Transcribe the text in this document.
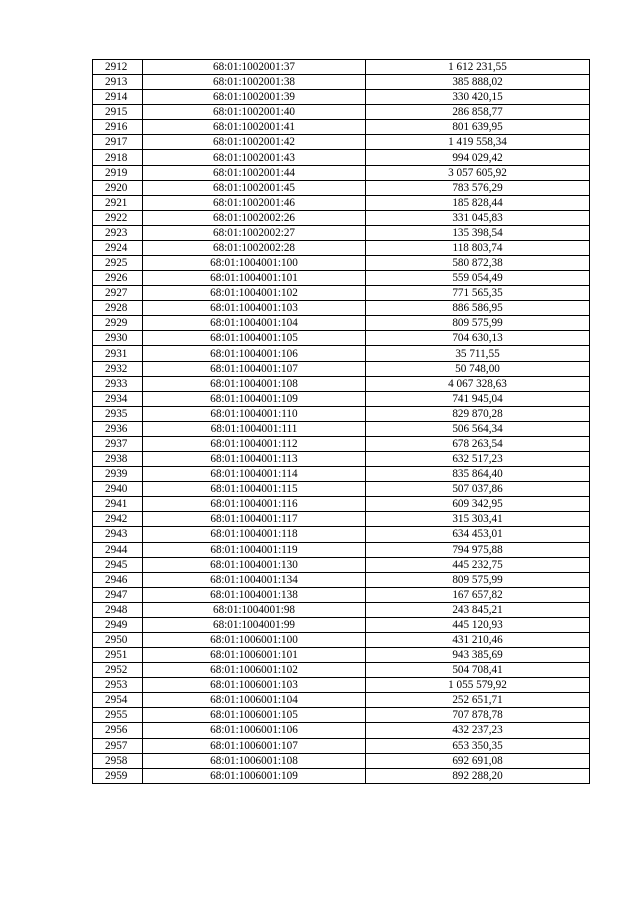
2912	68:01:1002001:37	1 612 231,55
2913	68:01:1002001:38	385 888,02
2914	68:01:1002001:39	330 420,15
2915	68:01:1002001:40	286 858,77
2916	68:01:1002001:41	801 639,95
2917	68:01:1002001:42	1 419 558,34
2918	68:01:1002001:43	994 029,42
2919	68:01:1002001:44	3 057 605,92
2920	68:01:1002001:45	783 576,29
2921	68:01:1002001:46	185 828,44
2922	68:01:1002002:26	331 045,83
2923	68:01:1002002:27	135 398,54
2924	68:01:1002002:28	118 803,74
2925	68:01:1004001:100	580 872,38
2926	68:01:1004001:101	559 054,49
2927	68:01:1004001:102	771 565,35
2928	68:01:1004001:103	886 586,95
2929	68:01:1004001:104	809 575,99
2930	68:01:1004001:105	704 630,13
2931	68:01:1004001:106	35 711,55
2932	68:01:1004001:107	50 748,00
2933	68:01:1004001:108	4 067 328,63
2934	68:01:1004001:109	741 945,04
2935	68:01:1004001:110	829 870,28
2936	68:01:1004001:111	506 564,34
2937	68:01:1004001:112	678 263,54
2938	68:01:1004001:113	632 517,23
2939	68:01:1004001:114	835 864,40
2940	68:01:1004001:115	507 037,86
2941	68:01:1004001:116	609 342,95
2942	68:01:1004001:117	315 303,41
2943	68:01:1004001:118	634 453,01
2944	68:01:1004001:119	794 975,88
2945	68:01:1004001:130	445 232,75
2946	68:01:1004001:134	809 575,99
2947	68:01:1004001:138	167 657,82
2948	68:01:1004001:98	243 845,21
2949	68:01:1004001:99	445 120,93
2950	68:01:1006001:100	431 210,46
2951	68:01:1006001:101	943 385,69
2952	68:01:1006001:102	504 708,41
2953	68:01:1006001:103	1 055 579,92
2954	68:01:1006001:104	252 651,71
2955	68:01:1006001:105	707 878,78
2956	68:01:1006001:106	432 237,23
2957	68:01:1006001:107	653 350,35
2958	68:01:1006001:108	692 691,08
2959	68:01:1006001:109	892 288,20
